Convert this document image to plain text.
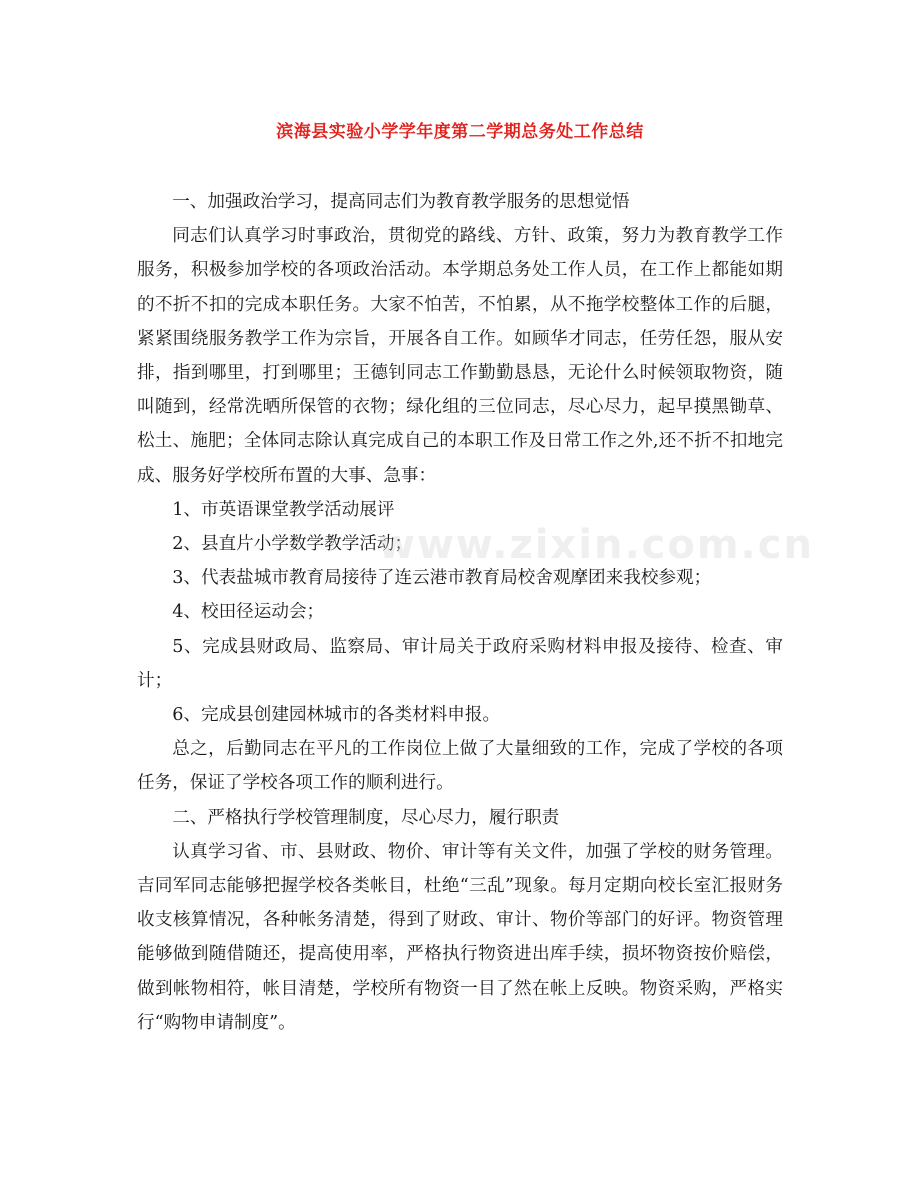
滨海县实验小学学年度第二学期总务处工作总结

一、加强政治学习，提高同志们为教育教学服务的思想觉悟

同志们认真学习时事政治，贯彻党的路线、方针、政策，努力为教育教学工作服务，积极参加学校的各项政治活动。本学期总务处工作人员，在工作上都能如期的不折不扣的完成本职任务。大家不怕苦，不怕累，从不拖学校整体工作的后腿，紧紧围绕服务教学工作为宗旨，开展各自工作。如顾华才同志，任劳任怨，服从安排，指到哪里，打到哪里；王德钊同志工作勤勤恳恳，无论什么时候领取物资，随叫随到，经常洗晒所保管的衣物；绿化组的三位同志，尽心尽力，起早摸黑锄草、松土、施肥；全体同志除认真完成自己的本职工作及日常工作之外,还不折不扣地完成、服务好学校所布置的大事、急事：

1、市英语课堂教学活动展评

2、县直片小学数学教学活动；

3、代表盐城市教育局接待了连云港市教育局校舍观摩团来我校参观；

4、校田径运动会；

5、完成县财政局、监察局、审计局关于政府采购材料申报及接待、检查、审计；

6、完成县创建园林城市的各类材料申报。

总之，后勤同志在平凡的工作岗位上做了大量细致的工作，完成了学校的各项任务，保证了学校各项工作的顺利进行。

二、严格执行学校管理制度，尽心尽力，履行职责

认真学习省、市、县财政、物价、审计等有关文件，加强了学校的财务管理。吉同军同志能够把握学校各类帐目，杜绝“三乱”现象。每月定期向校长室汇报财务收支核算情况，各种帐务清楚，得到了财政、审计、物价等部门的好评。物资管理能够做到随借随还，提高使用率，严格执行物资进出库手续，损坏物资按价赔偿，做到帐物相符，帐目清楚，学校所有物资一目了然在帐上反映。物资采购，严格实行“购物申请制度”。

www.zixin.com.cn
